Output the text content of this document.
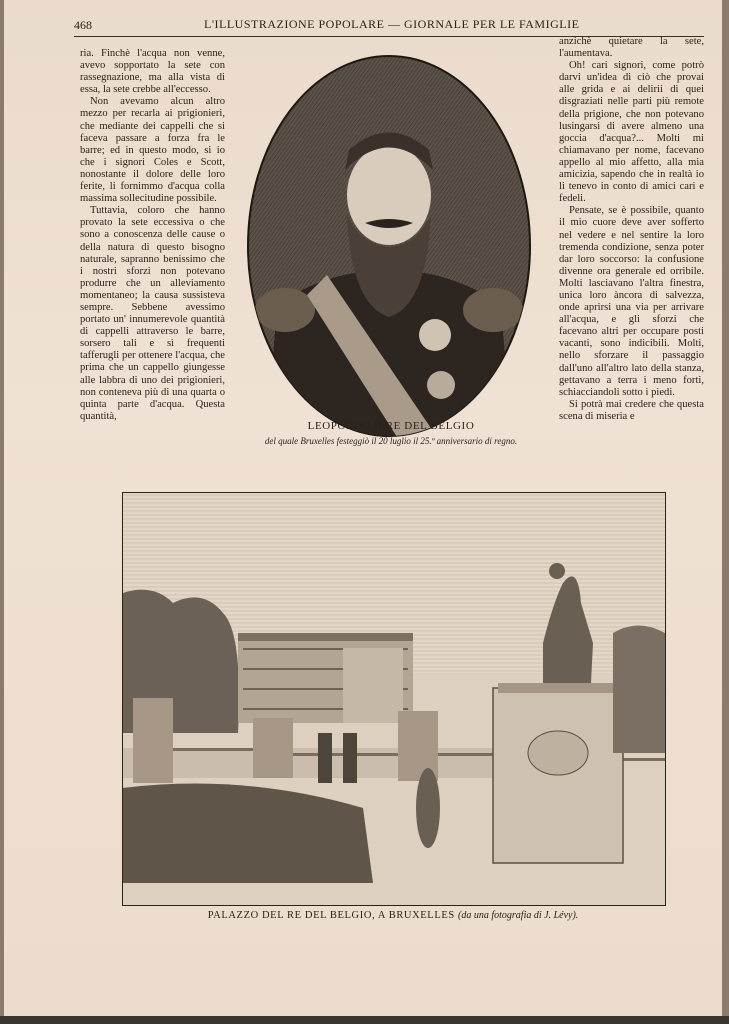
468	L'ILLUSTRAZIONE POPOLARE — GIORNALE PER LE FAMIGLIE

ria. Finchè l'acqua non venne, avevo sopportato la sete con rassegnazione, ma alla vista di essa, la sete crebbe all'eccesso.

Non avevamo alcun altro mezzo per recarla ai prigionieri, che mediante dei cappelli che si faceva passare a forza fra le barre; ed in questo modo, si io che i signori Coles e Scott, nonostante il dolore delle loro ferite, li fornimmo d'acqua colla massima sollecitudine possibile.

Tuttavia, coloro che hanno provato la sete eccessiva o che sono a conoscenza delle cause o della natura di questo bisogno naturale, sapranno benissimo che i nostri sforzi non potevano produrre che un alleviamento momentaneo; la causa sussisteva sempre. Sebbene avessimo portato un' innumerevole quantità di cappelli attraverso le barre, sorsero tali e sì frequenti tafferugli per ottenere l'acqua, che prima che un cappello giungesse alle labbra di uno dei prigionieri, non conteneva più di una quarta o quinta parte d'acqua. Questa quantità,

LEOPOLDO II RE DEL BELGIO
del quale Bruxelles festeggiò il 20 luglio il 25.º anniversario di regno.

anzichè quietare la sete, l'aumentava.

Oh! cari signori, come potrò darvi un'idea di ciò che provai alle grida e ai delirii di quei disgraziati nelle parti più remote della prigione, che non potevano lusingarsi di avere almeno una goccia d'acqua?... Molti mi chiamavano per nome, facevano appello al mio affetto, alla mia amicizia, sapendo che in realtà io li tenevo in conto di amici cari e fedeli.

Pensate, se è possibile, quanto il mio cuore deve aver sofferto nel vedere e nel sentire la loro tremenda condizione, senza poter dar loro soccorso: la confusione divenne ora generale ed orribile. Molti lasciavano l'altra finestra, unica loro àncora di salvezza, onde aprirsi una via per arrivare all'acqua, e gli sforzi che facevano altri per occupare posti vacanti, sono indicibili. Molti, nello sforzare il passaggio dall'uno all'altro lato della stanza, gettavano a terra i meno forti, schiacciandoli sotto i piedi.

Si potrà mai credere che questa scena di miseria e

PALAZZO DEL RE DEL BELGIO, A BRUXELLES (da una fotografia di J. Lévy).
